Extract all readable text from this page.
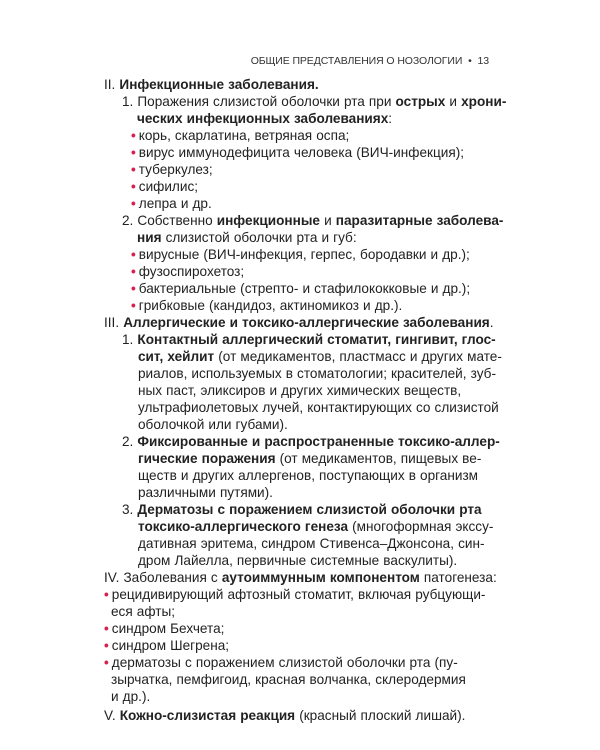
ОБЩИЕ ПРЕДСТАВЛЕНИЯ О НОЗОЛОГИИ • 13
II. Инфекционные заболевания.
1. Поражения слизистой оболочки рта при острых и хрони-
ческих инфекционных заболеваниях:
• корь, скарлатина, ветряная оспа;
• вирус иммунодефицита человека (ВИЧ-инфекция);
• туберкулез;
• сифилис;
• лепра и др.
2. Собственно инфекционные и паразитарные заболева-
ния слизистой оболочки рта и губ:
• вирусные (ВИЧ-инфекция, герпес, бородавки и др.);
• фузоспирохетоз;
• бактериальные (стрепто- и стафилококковые и др.);
• грибковые (кандидоз, актиномикоз и др.).
III. Аллергические и токсико-аллергические заболевания.
1. Контактный аллергический стоматит, гингивит, глос-
сит, хейлит (от медикаментов, пластмасс и других мате-
риалов, используемых в стоматологии; красителей, зуб-
ных паст, эликсиров и других химических веществ,
ультрафиолетовых лучей, контактирующих со слизистой
оболочкой или губами).
2. Фиксированные и распространенные токсико-аллер-
гические поражения (от медикаментов, пищевых ве-
ществ и других аллергенов, поступающих в организм
различными путями).
3. Дерматозы с поражением слизистой оболочки рта
токсико-аллергического генеза (многоформная экссу-
дативная эритема, синдром Стивенса–Джонсона, син-
дром Лайелла, первичные системные васкулиты).
IV. Заболевания с аутоиммунным компонентом патогенеза:
• рецидивирующий афтозный стоматит, включая рубцующи-
еся афты;
• синдром Бехчета;
• синдром Шегрена;
• дерматозы с поражением слизистой оболочки рта (пу-
зырчатка, пемфигоид, красная волчанка, склеродермия
и др.).
V. Кожно-слизистая реакция (красный плоский лишай).
